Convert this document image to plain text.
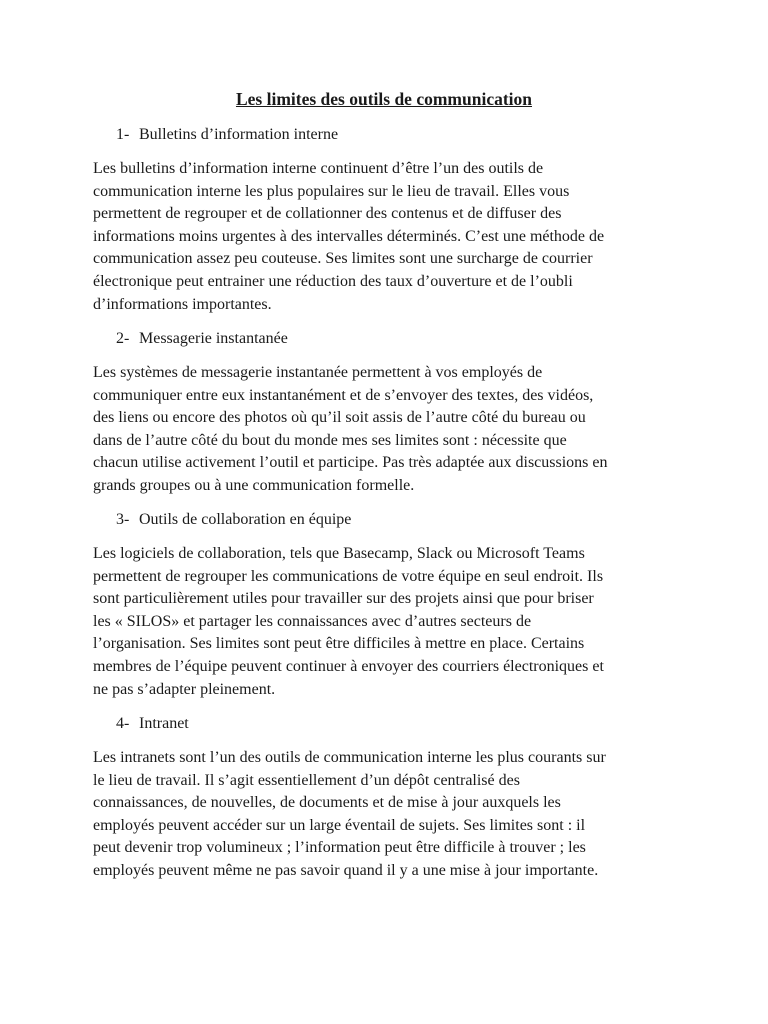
Les limites des outils de communication
1- Bulletins d’information interne
Les bulletins d’information interne continuent d’être l’un des outils de
communication interne les plus populaires sur le lieu de travail. Elles vous
permettent de regrouper et de collationner des contenus et de diffuser des
informations moins urgentes à des intervalles déterminés. C’est une méthode de
communication assez peu couteuse. Ses limites sont une surcharge de courrier
électronique peut entrainer une réduction des taux d’ouverture et de l’oubli
d’informations importantes.
2- Messagerie instantanée
Les systèmes de messagerie instantanée permettent à vos employés de
communiquer entre eux instantanément et de s’envoyer des textes, des vidéos,
des liens ou encore des photos où qu’il soit assis de l’autre côté du bureau ou
dans de l’autre côté du bout du monde mes ses limites sont : nécessite que
chacun utilise activement l’outil et participe. Pas très adaptée aux discussions en
grands groupes ou à une communication formelle.
3- Outils de collaboration en équipe
Les logiciels de collaboration, tels que Basecamp, Slack ou Microsoft Teams
permettent de regrouper les communications de votre équipe en seul endroit. Ils
sont particulièrement utiles pour travailler sur des projets ainsi que pour briser
les « SILOS» et partager les connaissances avec d’autres secteurs de
l’organisation. Ses limites sont peut être difficiles à mettre en place. Certains
membres de l’équipe peuvent continuer à envoyer des courriers électroniques et
ne pas s’adapter pleinement.
4- Intranet
Les intranets sont l’un des outils de communication interne les plus courants sur
le lieu de travail. Il s’agit essentiellement d’un dépôt centralisé des
connaissances, de nouvelles, de documents et de mise à jour auxquels les
employés peuvent accéder sur un large éventail de sujets. Ses limites sont : il
peut devenir trop volumineux ; l’information peut être difficile à trouver ; les
employés peuvent même ne pas savoir quand il y a une mise à jour importante.
